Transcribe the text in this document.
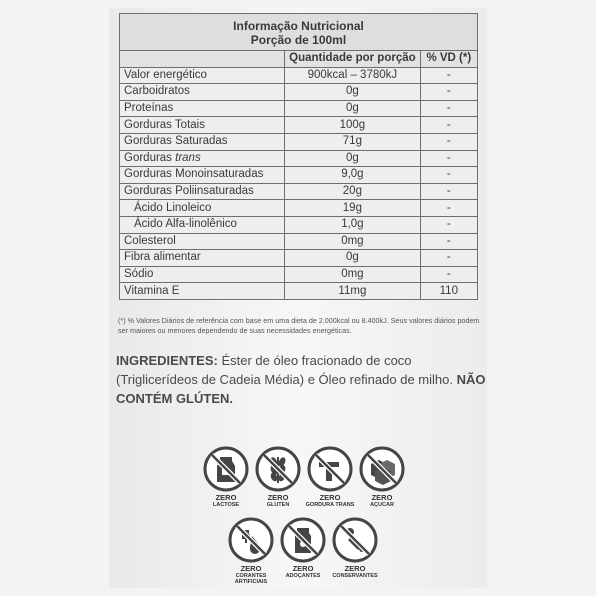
Informação Nutricional
Porção de 100ml		

	Quantidade por porção	% VD (*)
Valor energético	900kcal – 3780kJ	-
Carboidratos	0g	-
Proteínas	0g	-
Gorduras Totais	100g	-
Gorduras Saturadas	71g	-
Gorduras trans	0g	-
Gorduras Monoinsaturadas	9,0g	-
Gorduras Poliinsaturadas	20g	-
Ácido Linoleico	19g	-
Ácido Alfa-linolênico	1,0g	-
Colesterol	0mg	-
Fibra alimentar	0g	-
Sódio	0mg	-
Vitamina E	11mg	110
(*) % Valores Diários de referência com base em uma dieta de 2.000kcal ou 8.400kJ. Seus valores diários podem ser maiores ou menores dependendo de suas necessidades energéticas.
INGREDIENTES: Éster de óleo fracionado de coco (Triglicerídeos de Cadeia Média) e Óleo refinado de milho. NÃO CONTÉM GLÚTEN.
ZERO
LACTOSE
ZERO
GLUTEN
ZERO
GORDURA TRANS
ZERO
AÇUCAR
ZERO
CORANTES ARTIFICIAIS
ZERO
ADOÇANTES
ZERO
CONSERVANTES
